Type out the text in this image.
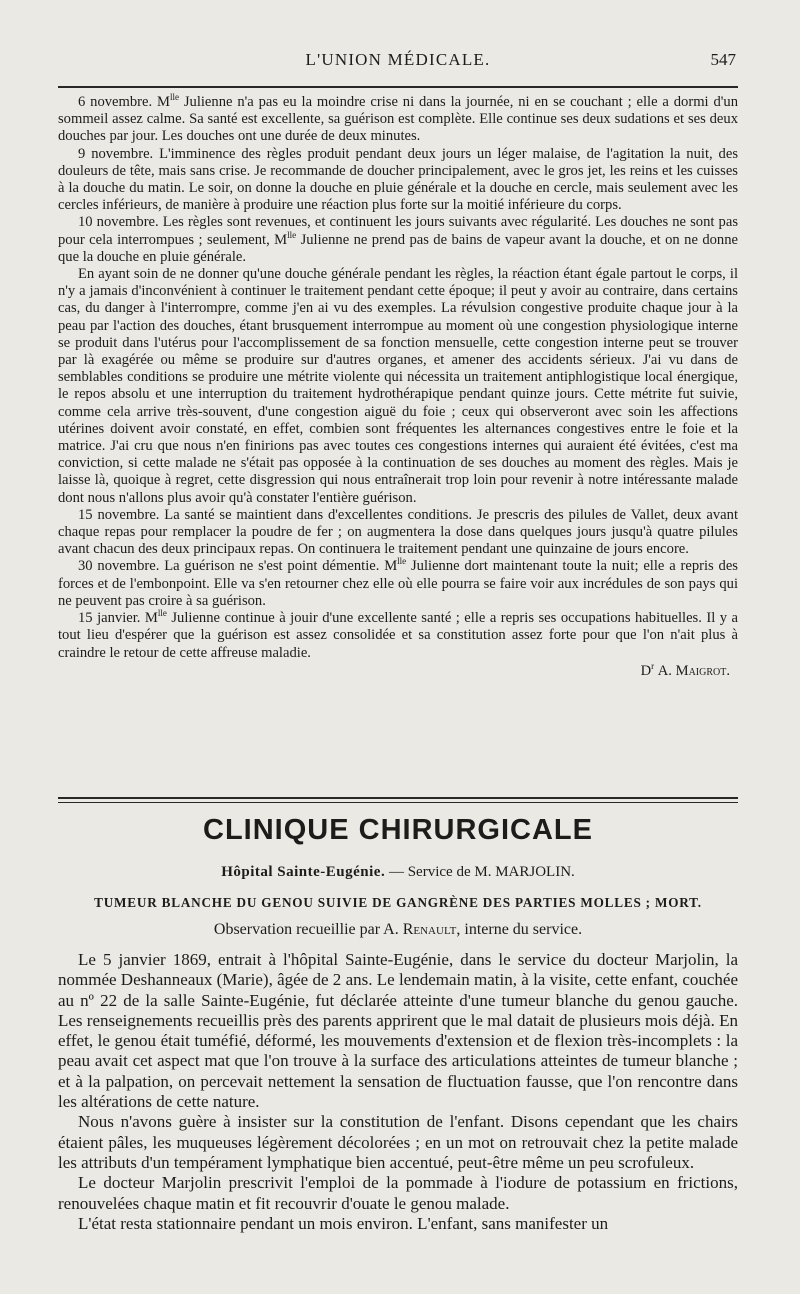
L'UNION MÉDICALE.	547

6 novembre. $M^{lle}$ Julienne n'a pas eu la moindre crise ni dans la journée, ni en se couchant ; elle a dormi d'un sommeil assez calme. Sa santé est excellente, sa guérison est complète. Elle continue ses deux sudations et ses deux douches par jour. Les douches ont une durée de deux minutes.

9 novembre. L'imminence des règles produit pendant deux jours un léger malaise, de l'agitation la nuit, des douleurs de tête, mais sans crise. Je recommande de doucher principalement, avec le gros jet, les reins et les cuisses à la douche du matin. Le soir, on donne la douche en pluie générale et la douche en cercle, mais seulement avec les cercles inférieurs, de manière à produire une réaction plus forte sur la moitié inférieure du corps.

10 novembre. Les règles sont revenues, et continuent les jours suivants avec régularité. Les douches ne sont pas pour cela interrompues ; seulement, $M^{lle}$ Julienne ne prend pas de bains de vapeur avant la douche, et on ne donne que la douche en pluie générale.

En ayant soin de ne donner qu'une douche générale pendant les règles, la réaction étant égale partout le corps, il n'y a jamais d'inconvénient à continuer le traitement pendant cette époque; il peut y avoir au contraire, dans certains cas, du danger à l'interrompre, comme j'en ai vu des exemples. La révulsion congestive produite chaque jour à la peau par l'action des douches, étant brusquement interrompue au moment où une congestion physiologique interne se produit dans l'utérus pour l'accomplissement de sa fonction mensuelle, cette congestion interne peut se trouver par là exagérée ou même se produire sur d'autres organes, et amener des accidents sérieux. J'ai vu dans de semblables conditions se produire une métrite violente qui nécessita un traitement antiphlogistique local énergique, le repos absolu et une interruption du traitement hydrothérapique pendant quinze jours. Cette métrite fut suivie, comme cela arrive très-souvent, d'une congestion aiguë du foie ; ceux qui observeront avec soin les affections utérines doivent avoir constaté, en effet, combien sont fréquentes les alternances congestives entre le foie et la matrice. J'ai cru que nous n'en finirions pas avec toutes ces congestions internes qui auraient été évitées, c'est ma conviction, si cette malade ne s'était pas opposée à la continuation de ses douches au moment des règles. Mais je laisse là, quoique à regret, cette disgression qui nous entraînerait trop loin pour revenir à notre intéressante malade dont nous n'allons plus avoir qu'à constater l'entière guérison.

15 novembre. La santé se maintient dans d'excellentes conditions. Je prescris des pilules de Vallet, deux avant chaque repas pour remplacer la poudre de fer ; on augmentera la dose dans quelques jours jusqu'à quatre pilules avant chacun des deux principaux repas. On continuera le traitement pendant une quinzaine de jours encore.

30 novembre. La guérison ne s'est point démentie. $M^{lle}$ Julienne dort maintenant toute la nuit; elle a repris des forces et de l'embonpoint. Elle va s'en retourner chez elle où elle pourra se faire voir aux incrédules de son pays qui ne peuvent pas croire à sa guérison.

15 janvier. $M^{lle}$ Julienne continue à jouir d'une excellente santé ; elle a repris ses occupations habituelles. Il y a tout lieu d'espérer que la guérison est assez consolidée et sa constitution assez forte pour que l'on n'ait plus à craindre le retour de cette affreuse maladie.

$D^r$ A. Maigrot.
CLINIQUE CHIRURGICALE
Hôpital Sainte-Eugénie. — Service de M. MARJOLIN.
TUMEUR BLANCHE DU GENOU SUIVIE DE GANGRÈNE DES PARTIES MOLLES ; MORT.
Observation recueillie par A. Renault, interne du service.

Le 5 janvier 1869, entrait à l'hôpital Sainte-Eugénie, dans le service du docteur Marjolin, la nommée Deshanneaux (Marie), âgée de 2 ans. Le lendemain matin, à la visite, cette enfant, couchée au nº 22 de la salle Sainte-Eugénie, fut déclarée atteinte d'une tumeur blanche du genou gauche. Les renseignements recueillis près des parents apprirent que le mal datait de plusieurs mois déjà. En effet, le genou était tuméfié, déformé, les mouvements d'extension et de flexion très-incomplets : la peau avait cet aspect mat que l'on trouve à la surface des articulations atteintes de tumeur blanche ; et à la palpation, on percevait nettement la sensation de fluctuation fausse, que l'on rencontre dans les altérations de cette nature.

Nous n'avons guère à insister sur la constitution de l'enfant. Disons cependant que les chairs étaient pâles, les muqueuses légèrement décolorées ; en un mot on retrouvait chez la petite malade les attributs d'un tempérament lymphatique bien accentué, peut-être même un peu scrofuleux.

Le docteur Marjolin prescrivit l'emploi de la pommade à l'iodure de potassium en frictions, renouvelées chaque matin et fit recouvrir d'ouate le genou malade.

L'état resta stationnaire pendant un mois environ. L'enfant, sans manifester un
